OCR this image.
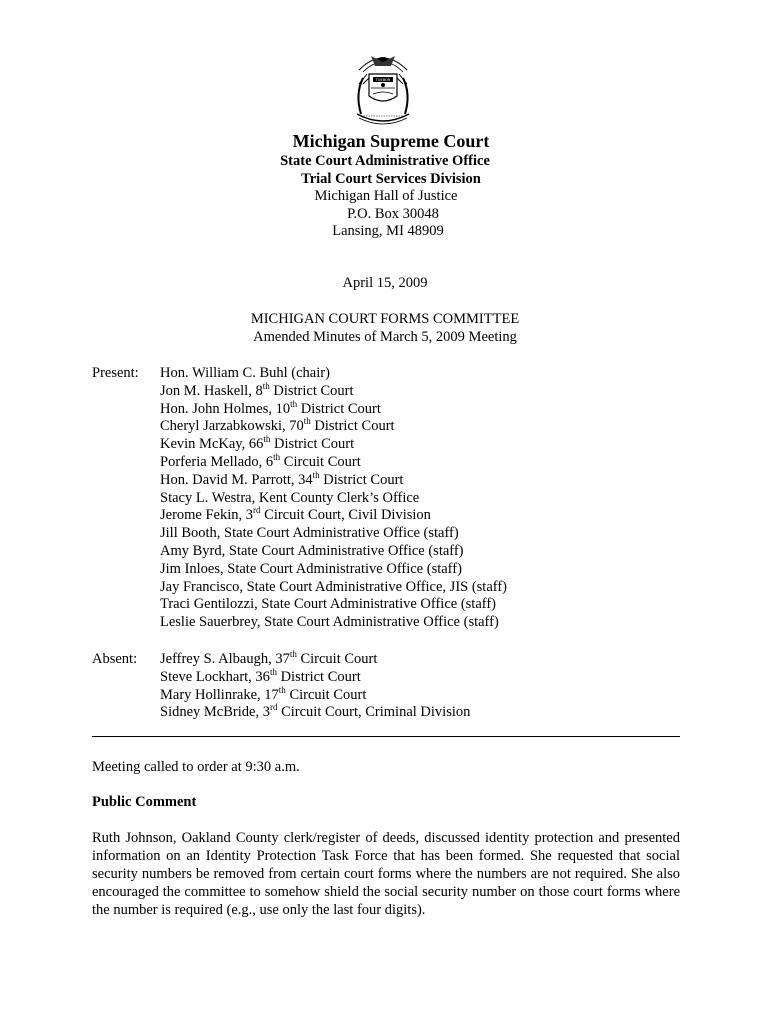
TUEBOR
Michigan Supreme Court
State Court Administrative Office
Trial Court Services Division
Michigan Hall of Justice
P.O. Box 30048
Lansing, MI 48909
April 15, 2009
MICHIGAN COURT FORMS COMMITTEE
Amended Minutes of March 5, 2009 Meeting
Present: Hon. William C. Buhl (chair)
Jon M. Haskell, 8th District Court
Hon. John Holmes, 10th District Court
Cheryl Jarzabkowski, 70th District Court
Kevin McKay, 66th District Court
Porferia Mellado, 6th Circuit Court
Hon. David M. Parrott, 34th District Court
Stacy L. Westra, Kent County Clerk’s Office
Jerome Fekin, 3rd Circuit Court, Civil Division
Jill Booth, State Court Administrative Office (staff)
Amy Byrd, State Court Administrative Office (staff)
Jim Inloes, State Court Administrative Office (staff)
Jay Francisco, State Court Administrative Office, JIS (staff)
Traci Gentilozzi, State Court Administrative Office (staff)
Leslie Sauerbrey, State Court Administrative Office (staff)
Absent: Jeffrey S. Albaugh, 37th Circuit Court
Steve Lockhart, 36th District Court
Mary Hollinrake, 17th Circuit Court
Sidney McBride, 3rd Circuit Court, Criminal Division
Meeting called to order at 9:30 a.m.
Public Comment
Ruth Johnson, Oakland County clerk/register of deeds, discussed identity protection and presented information on an Identity Protection Task Force that has been formed. She requested that social security numbers be removed from certain court forms where the numbers are not required. She also encouraged the committee to somehow shield the social security number on those court forms where the number is required (e.g., use only the last four digits).
